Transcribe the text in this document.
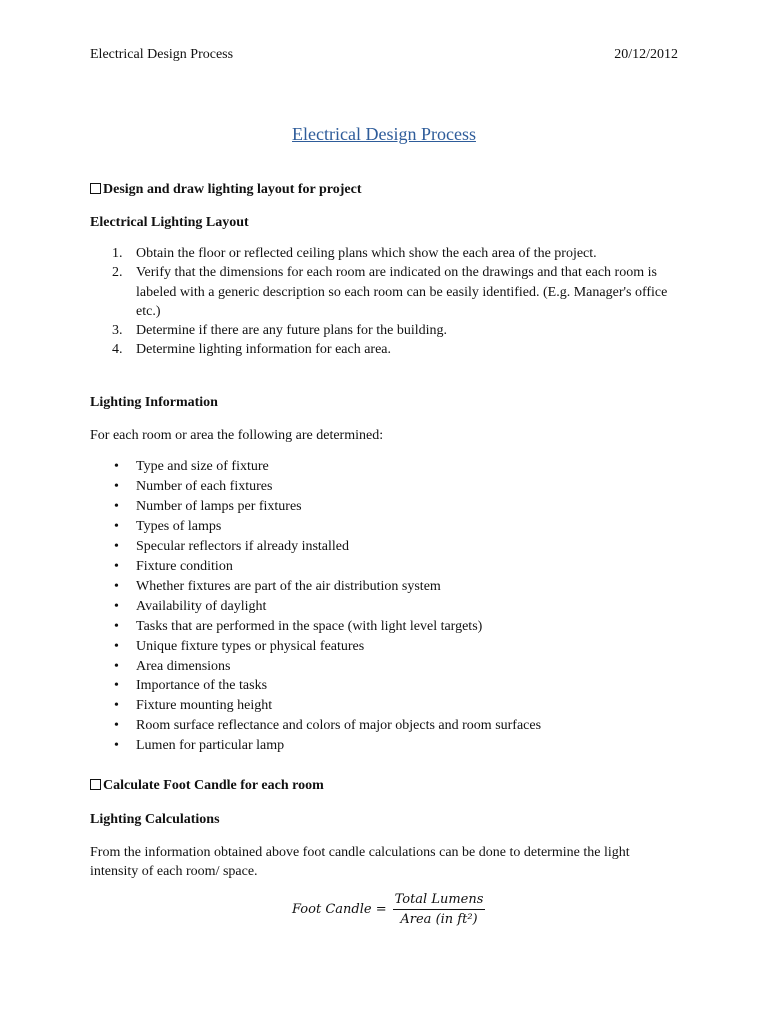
Electrical Design Process	20/12/2012
Electrical Design Process
Design and draw lighting layout for project
Electrical Lighting Layout
1. Obtain the floor or reflected ceiling plans which show the each area of the project.
2. Verify that the dimensions for each room are indicated on the drawings and that each room is labeled with a generic description so each room can be easily identified. (E.g. Manager's office etc.)
3. Determine if there are any future plans for the building.
4. Determine lighting information for each area.
Lighting Information
For each room or area the following are determined:
• Type and size of fixture
• Number of each fixtures
• Number of lamps per fixtures
• Types of lamps
• Specular reflectors if already installed
• Fixture condition
• Whether fixtures are part of the air distribution system
• Availability of daylight
• Tasks that are performed in the space (with light level targets)
• Unique fixture types or physical features
• Area dimensions
• Importance of the tasks
• Fixture mounting height
• Room surface reflectance and colors of major objects and room surfaces
• Lumen for particular lamp
Calculate Foot Candle for each room
Lighting Calculations
From the information obtained above foot candle calculations can be done to determine the light intensity of each room/ space.
Foot Candle = $\frac{\text{Total Lumens}}{\text{Area (in ft²)}}$
